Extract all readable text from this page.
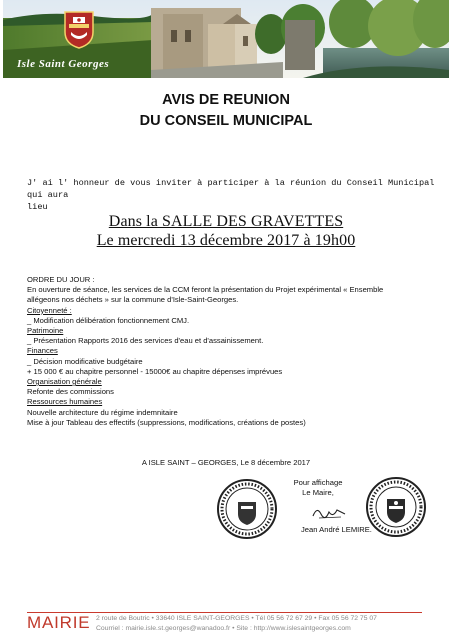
Isle Saint Georges
AVIS DE REUNION
DU CONSEIL MUNICIPAL
J' ai l' honneur de vous inviter à participer à la réunion du Conseil Municipal qui aura
lieu
Dans la SALLE DES GRAVETTES
Le mercredi 13 décembre 2017 à 19h00
ORDRE DU JOUR :
En ouverture de séance, les services de la CCM feront la présentation du Projet expérimental « Ensemble
allégeons nos déchets » sur la commune d'Isle-Saint-Georges.
Citoyenneté :
_ Modification délibération fonctionnement CMJ.
Patrimoine
_ Présentation Rapports 2016 des services d'eau et d'assainissement.
Finances
_ Décision modificative budgétaire
+ 15 000 € au chapitre personnel - 15000€ au chapitre dépenses imprévues
Organisation générale
Refonte des commissions
Ressources humaines
Nouvelle architecture du régime indemnitaire
Mise à jour Tableau des effectifs (suppressions, modifications, créations de postes)
A ISLE SAINT – GEORGES, Le 8 décembre 2017
Pour affichage
Le Maire,
Jean André LEMIRE.
MAIRIE 2 route de Boutric • 33640 ISLE SAINT-GEORGES • Tél 05 56 72 67 29 • Fax 05 56 72 75 07
Courriel : mairie.isle.st.georges@wanadoo.fr • Site : http://www.islesaintgeorges.com
